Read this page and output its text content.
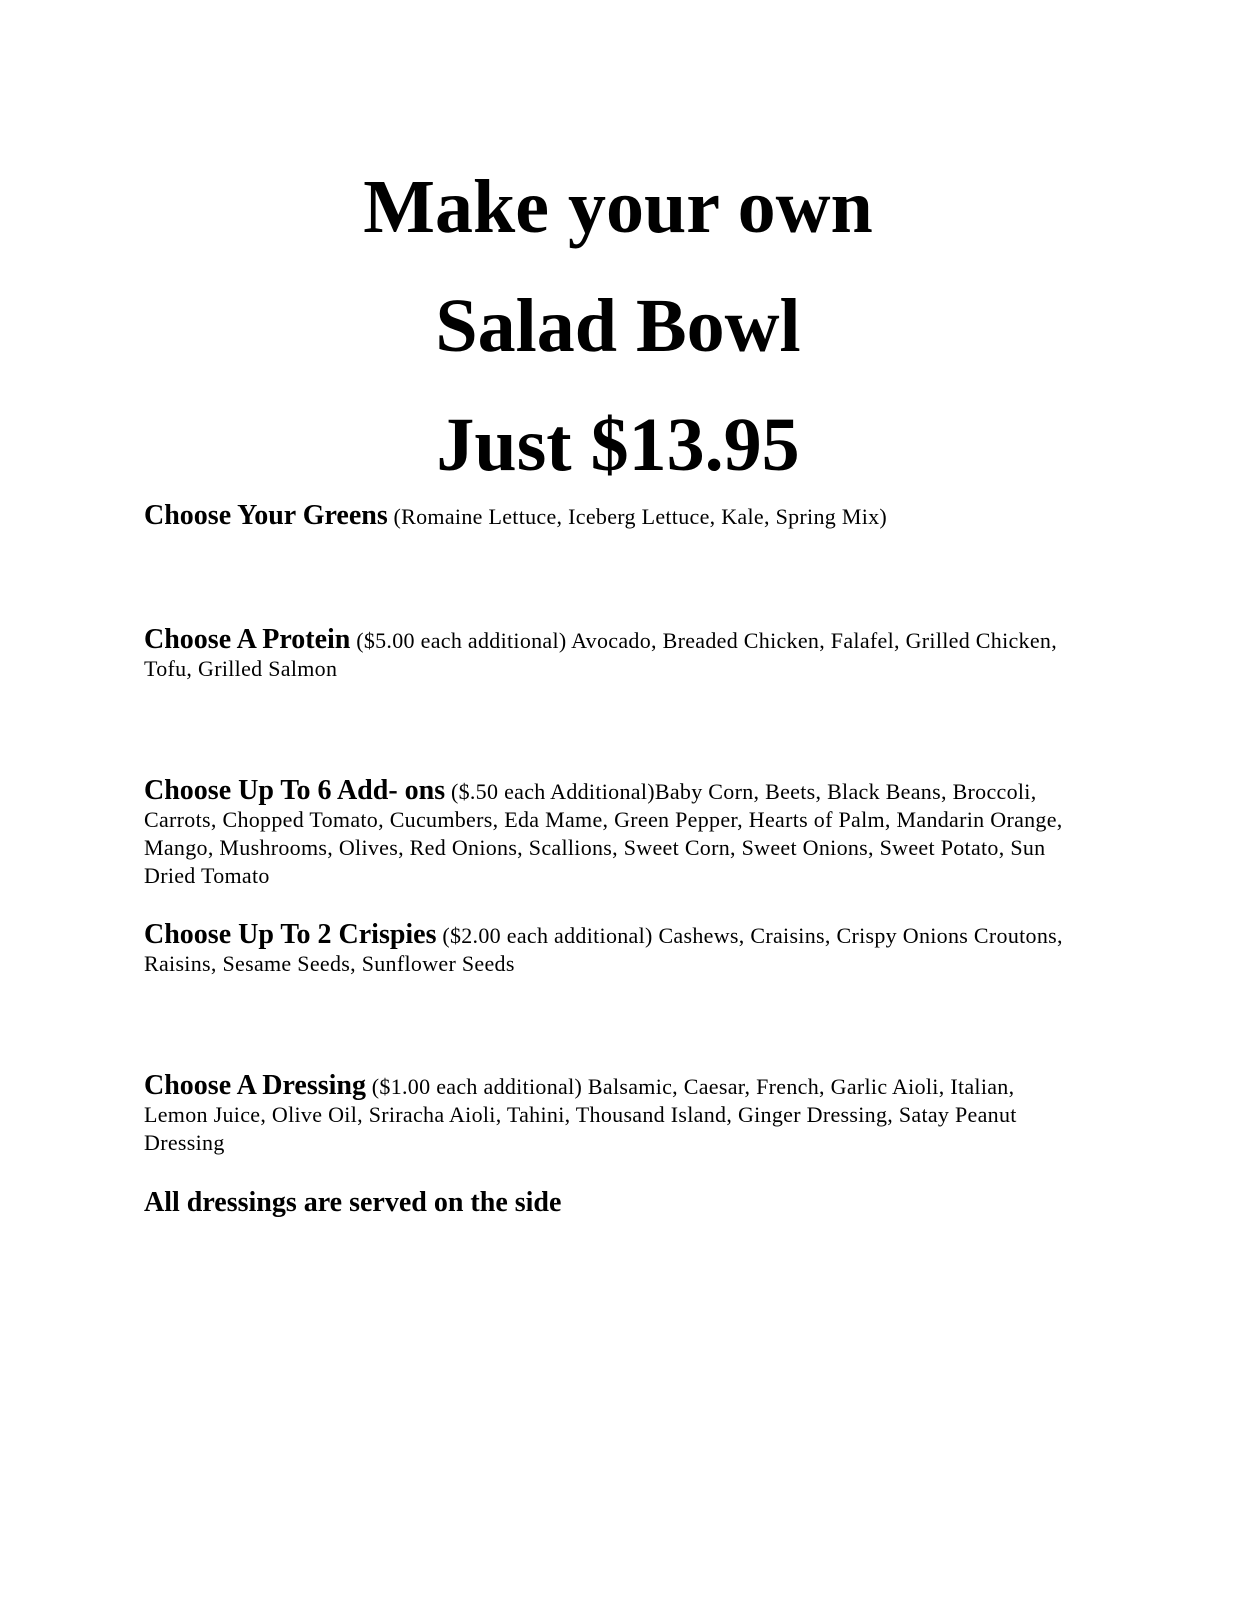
Make your own
Salad Bowl
Just $13.95
Choose Your Greens (Romaine Lettuce, Iceberg Lettuce, Kale, Spring Mix)
Choose A Protein ($5.00 each additional) Avocado, Breaded Chicken, Falafel, Grilled Chicken, Tofu, Grilled Salmon
Choose Up To 6 Add- ons ($.50 each Additional)Baby Corn, Beets, Black Beans, Broccoli, Carrots, Chopped Tomato, Cucumbers, Eda Mame, Green Pepper, Hearts of Palm, Mandarin Orange, Mango, Mushrooms, Olives, Red Onions, Scallions, Sweet Corn, Sweet Onions, Sweet Potato, Sun Dried Tomato
Choose Up To 2 Crispies ($2.00 each additional) Cashews, Craisins, Crispy Onions Croutons, Raisins, Sesame Seeds, Sunflower Seeds
Choose A Dressing ($1.00 each additional) Balsamic, Caesar, French, Garlic Aioli, Italian, Lemon Juice, Olive Oil, Sriracha Aioli, Tahini, Thousand Island, Ginger Dressing, Satay Peanut Dressing
All dressings are served on the side
